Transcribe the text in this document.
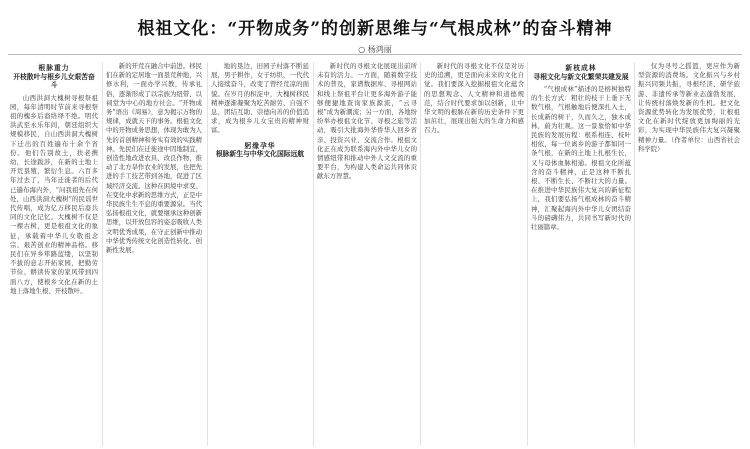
根祖文化：“开物成务”的创新思维与“气根成林”的奋斗精神
○ 杨鸿丽
根脉重力
开枝散叶与根乡儿女艰苦奋斗

山西洪洞大槐树寻根祭祖园，每年清明时节前来寻根祭祖的槐乡后裔络绎不绝。明代洪武至永乐年间，朝廷组织大规模移民，自山西洪洞大槐树下迁出的百姓遍布十余个省份。他们告别故土，扶老携幼，长途跋涉，在新的土地上开荒垦殖，繁衍生息。六百多年过去了，当年迁徙者的后代已遍布海内外，“问我祖先在何处，山西洪洞大槐树”的民谣世代传唱，成为亿万移民后裔共同的文化记忆。大槐树不仅是一棵古树，更是根祖文化的象征，承载着中华儿女敬祖念宗、艰苦创业的精神品格。移民们在异乡筚路蓝缕，以坚韧不拔的意志开拓家园，把勤劳节俭、耕读传家的家风带到四面八方，使根乡文化在新的土地上落地生根、开枝散叶。

新的开荒在融合中前进。移民们在新的定居地一面垦荒种地，兴修水利，一面办学兴教，传承礼俗，逐渐形成了以宗族为纽带、以祠堂为中心的地方社会。“开物成务”语出《周易》，意为揭示万物的规律，成就天下的事务。根祖文化中的开物成务思想，体现为敢为人先的首创精神和务实有效的实践精神。先民们在迁徙途中因地制宜，创造性地改进农具、改良作物，推动了北方旱作农业的发展，也把先进的手工技艺带到各地，促进了区域经济交流。这种在困境中求变、在变化中求新的思维方式，正是中华民族生生不息的重要源泉。当代弘扬根祖文化，就要继承这种创新思维，以开放包容的姿态吸收人类文明优秀成果，在守正创新中推动中华优秀传统文化创造性转化、创新性发展。

地的垦边，田园子村落不断延展，男子耕作，女子纺织，一代代人接续奋斗，改变了曾经荒凉的面貌。在岁月的积淀中，大槐树移民精神逐渐凝聚为吃苦耐劳、自强不息、团结互助、崇德向善的价值追求，成为根乡儿女宝贵的精神财富。

躬缘孕华
根脉新生与中华文化国际远航

新时代的寻根文化展现出前所未有的活力。一方面，随着数字技术的普及，家谱数据库、寻根网站和线上祭祖平台让更多海外游子能够便捷地查询家族源流，“云寻根”成为新潮流；另一方面，各地纷纷举办根祖文化节、寻根之旅等活动，吸引大批海外华侨华人回乡省亲、投资兴业、交流合作。根祖文化正在成为联系海内外中华儿女的情感纽带和推动中外人文交流的重要平台，为构建人类命运共同体贡献东方智慧。

新时代的寻根文化不仅是对历史的追溯，更是面向未来的文化自觉。我们要深入挖掘根祖文化蕴含的思想观念、人文精神和道德规范，结合时代要求加以创新，让中华文明的根脉在新的历史条件下更加茁壮，展现出强大的生命力和感召力。

新枝成林
寻根文化与新文化繁荣共建发展

“气根成林”描述的是榕树独特的生长方式：粗壮的枝干上垂下无数气根，气根触地后便深扎入土，长成新的树干，久而久之，独木成林，蔚为壮观。这一景象恰如中华民族的发展历程：根系相连、枝叶相依，每一位离乡的游子都如同一条气根，在新的土地上扎根生长，又与母体血脉相通。根祖文化所蕴含的奋斗精神，正是这种不断扎根、不断生长、不断壮大的力量。在推进中华民族伟大复兴的新征程上，我们要弘扬气根成林的奋斗精神，汇聚起海内外中华儿女团结奋斗的磅礴伟力，共同书写新时代的壮丽篇章。

仅为寻号之摇篮，更应作为新型资源的消费场。文化振兴与乡村振兴同频共振，寻根经济、研学旅游、非遗传承等新业态蓬勃发展，让传统村落焕发新的生机。把文化资源优势转化为发展优势，让根祖文化在新时代绽放更加绚丽的光彩，为实现中华民族伟大复兴凝聚精神力量。（作者单位：山西省社会科学院）
